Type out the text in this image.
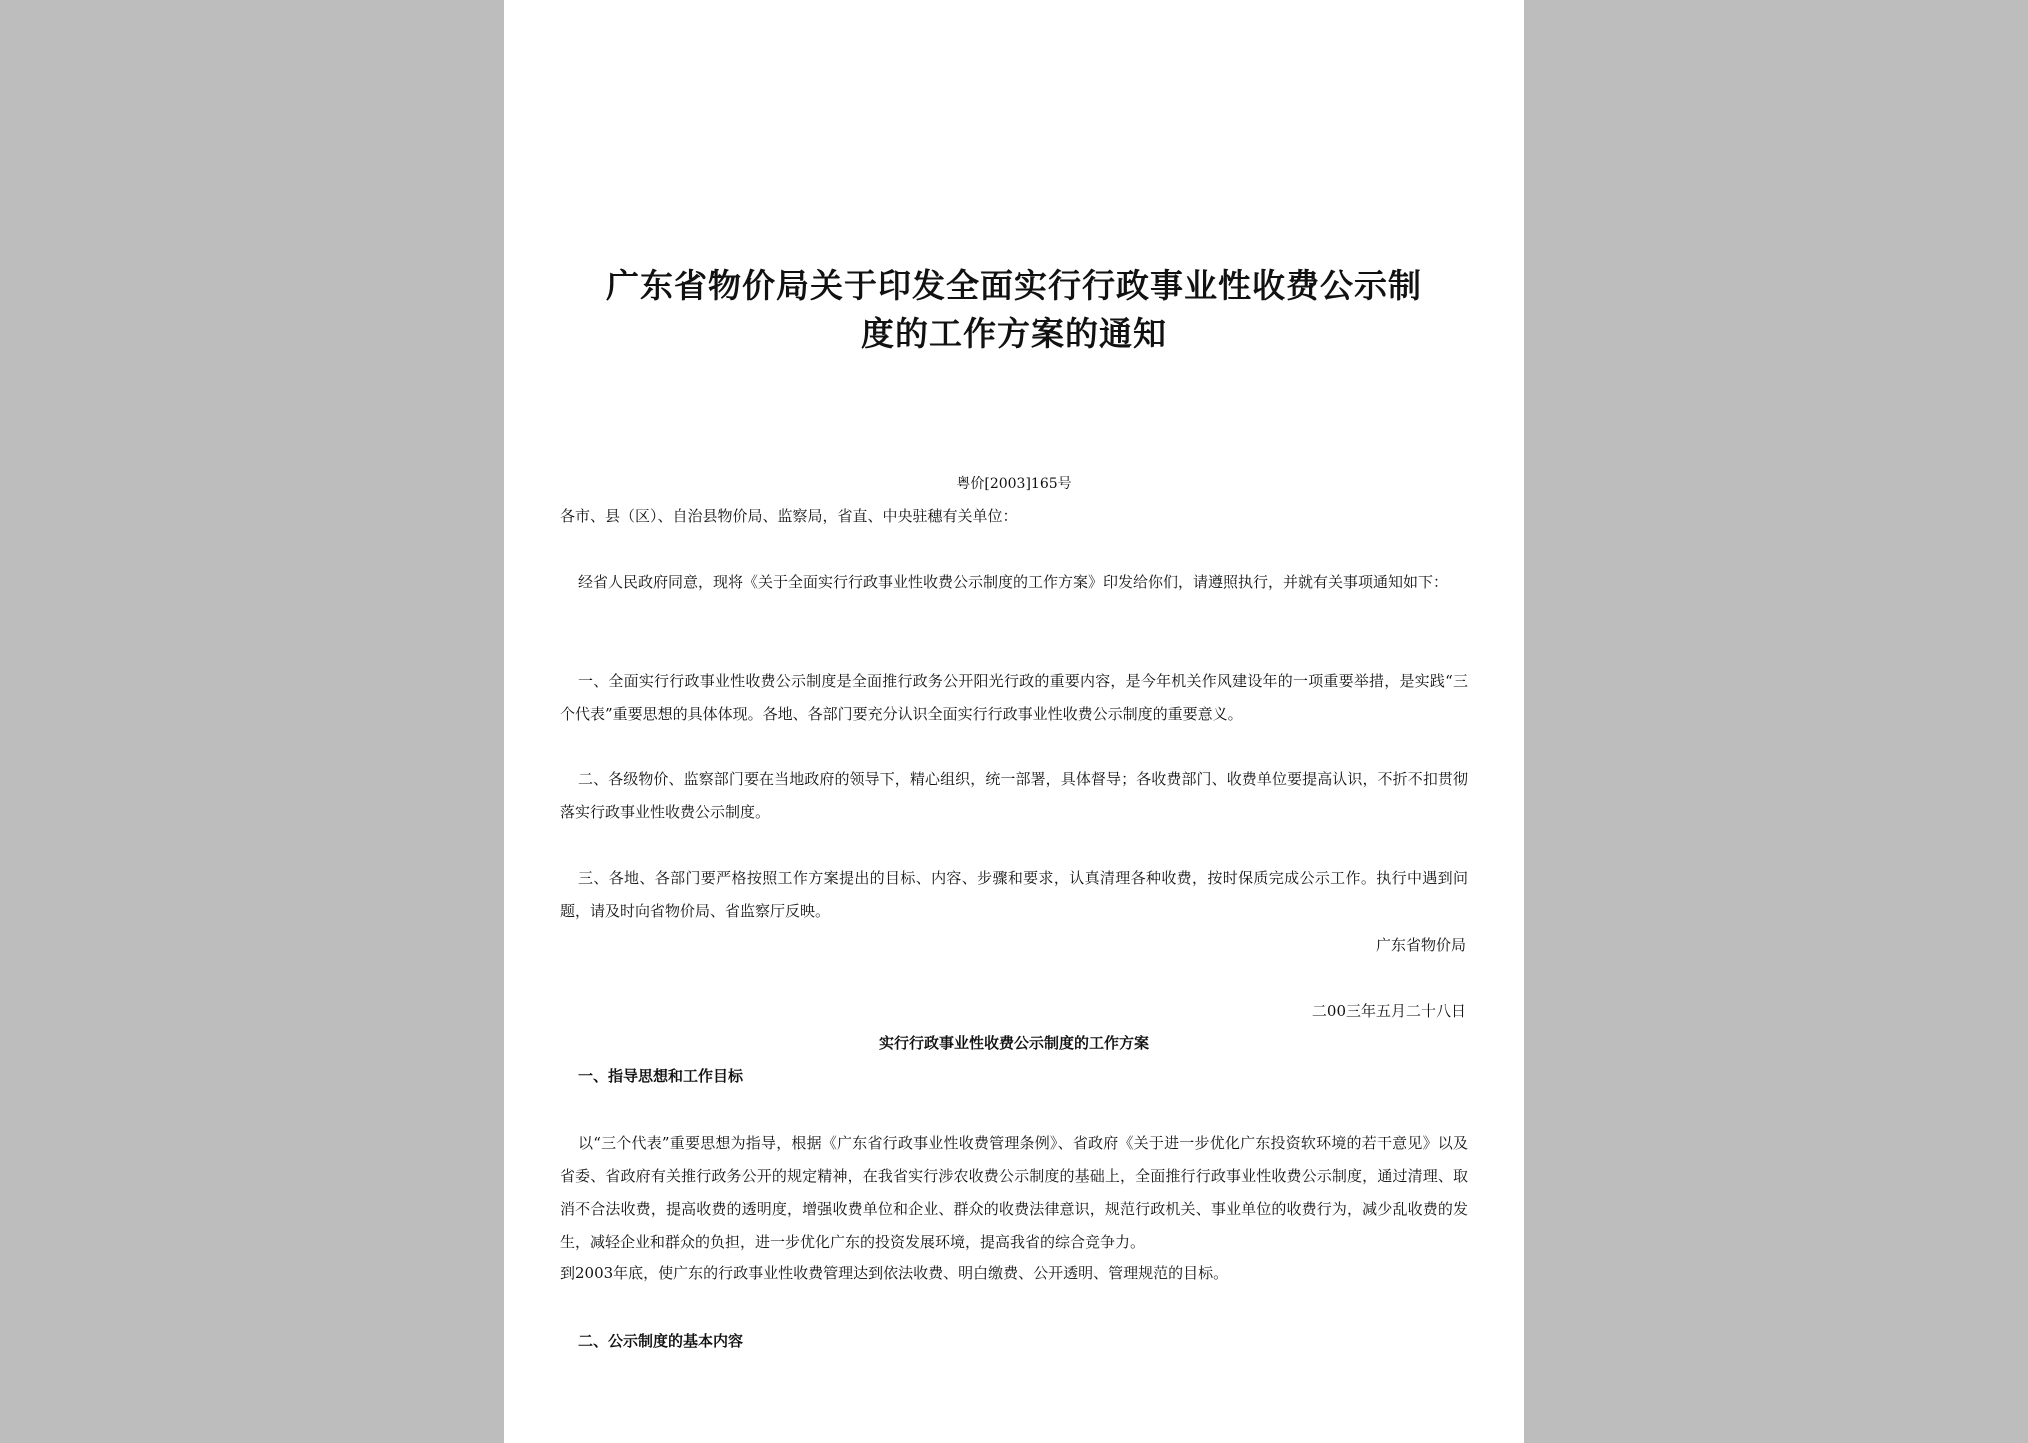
广东省物价局关于印发全面实行行政事业性收费公示制
度的工作方案的通知
粤价[2003]165号
各市、县（区）、自治县物价局、监察局，省直、中央驻穗有关单位：
经省人民政府同意，现将《关于全面实行行政事业性收费公示制度的工作方案》印发给你们，请遵照执行，并就有关事项通知如下：
一、全面实行行政事业性收费公示制度是全面推行政务公开阳光行政的重要内容，是今年机关作风建设年的一项重要举措，是实践“三个代表”重要思想的具体体现。各地、各部门要充分认识全面实行行政事业性收费公示制度的重要意义。
二、各级物价、监察部门要在当地政府的领导下，精心组织，统一部署，具体督导；各收费部门、收费单位要提高认识，不折不扣贯彻落实行政事业性收费公示制度。
三、各地、各部门要严格按照工作方案提出的目标、内容、步骤和要求，认真清理各种收费，按时保质完成公示工作。执行中遇到问题，请及时向省物价局、省监察厅反映。
广东省物价局
二00三年五月二十八日
实行行政事业性收费公示制度的工作方案
一、指导思想和工作目标
以“三个代表”重要思想为指导，根据《广东省行政事业性收费管理条例》、省政府《关于进一步优化广东投资软环境的若干意见》以及省委、省政府有关推行政务公开的规定精神，在我省实行涉农收费公示制度的基础上，全面推行行政事业性收费公示制度，通过清理、取消不合法收费，提高收费的透明度，增强收费单位和企业、群众的收费法律意识，规范行政机关、事业单位的收费行为，减少乱收费的发生，减轻企业和群众的负担，进一步优化广东的投资发展环境，提高我省的综合竞争力。
到2003年底，使广东的行政事业性收费管理达到依法收费、明白缴费、公开透明、管理规范的目标。
二、公示制度的基本内容
